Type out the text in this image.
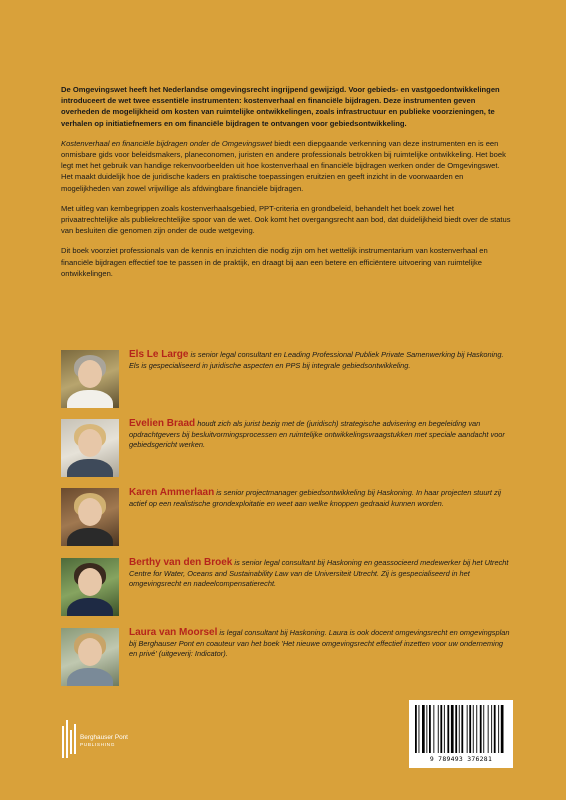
De Omgevingswet heeft het Nederlandse omgevingsrecht ingrijpend gewijzigd. Voor gebieds- en vastgoedontwikkelingen introduceert de wet twee essentiële instrumenten: kostenverhaal en financiële bijdragen. Deze instrumenten geven overheden de mogelijkheid om kosten van ruimtelijke ontwikkelingen, zoals infrastructuur en publieke voorzieningen, te verhalen op initiatiefnemers en om financiële bijdragen te ontvangen voor gebiedsontwikkeling.

Kostenverhaal en financiële bijdragen onder de Omgevingswet biedt een diepgaande verkenning van deze instrumenten en is een onmisbare gids voor beleidsmakers, planeconomen, juristen en andere professionals betrokken bij ruimtelijke ontwikkeling. Het boek legt met het gebruik van handige rekenvoorbeelden uit hoe kostenverhaal en financiële bijdragen werken onder de Omgevingswet. Het maakt duidelijk hoe de juridische kaders en praktische toepassingen eruitzien en geeft inzicht in de voorwaarden en mogelijkheden van zowel vrijwillige als afdwingbare financiële bijdragen.

Met uitleg van kernbegrippen zoals kostenverhaalsgebied, PPT-criteria en grondbeleid, behandelt het boek zowel het privaatrechtelijke als publiekrechtelijke spoor van de wet. Ook komt het overgangsrecht aan bod, dat duidelijkheid biedt over de status van besluiten die genomen zijn onder de oude wetgeving.

Dit boek voorziet professionals van de kennis en inzichten die nodig zijn om het wettelijk instrumentarium van kostenverhaal en financiële bijdragen effectief toe te passen in de praktijk, en draagt bij aan een betere en efficiëntere uitvoering van ruimtelijke ontwikkelingen.

Els Le Large is senior legal consultant en Leading Professional Publiek Private Samenwerking bij Haskoning. Els is gespecialiseerd in juridische aspecten en PPS bij integrale gebiedsontwikkeling.
Evelien Braad houdt zich als jurist bezig met de (juridisch) strategische advisering en begeleiding van opdrachtgevers bij besluitvormingsprocessen en ruimtelijke ontwikkelingsvraagstukken met speciale aandacht voor gebiedsgericht werken.
Karen Ammerlaan is senior projectmanager gebiedsontwikkeling bij Haskoning. In haar projecten stuurt zij actief op een realistische grondexploitatie en weet aan welke knoppen gedraaid kunnen worden.
Berthy van den Broek is senior legal consultant bij Haskoning en geassocieerd medewerker bij het Utrecht Centre for Water, Oceans and Sustainability Law van de Universiteit Utrecht. Zij is gespecialiseerd in het omgevingsrecht en nadeelcompensatierecht.
Laura van Moorsel is legal consultant bij Haskoning. Laura is ook docent omgevingsrecht en omgevingsplan bij Berghauser Pont en coauteur van het boek 'Het nieuwe omgevingsrecht effectief inzetten voor uw onderneming en privé' (uitgeverij: Indicator).
Berghauser Pont
PUBLISHING
9 789493 376281
